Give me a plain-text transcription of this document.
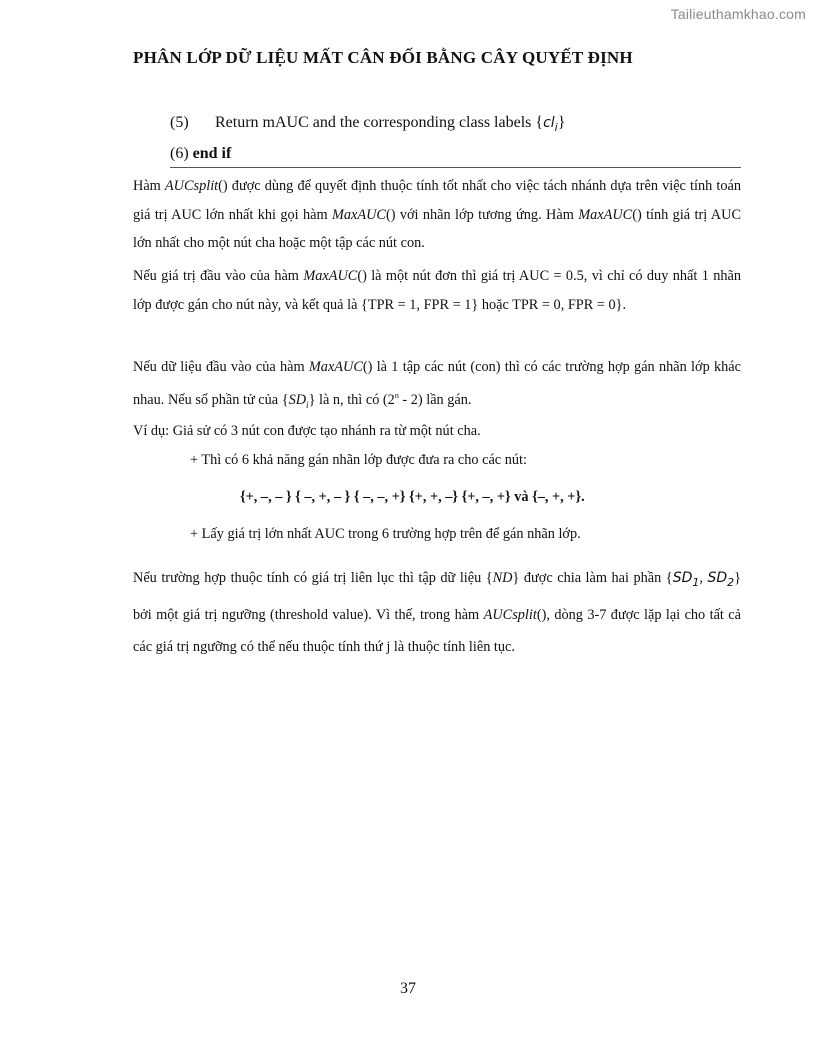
Tailieuthamkhao.com
PHÂN LỚP DỮ LIỆU MẤT CÂN ĐỐI BẰNG CÂY QUYẾT ĐỊNH
(5) Return mAUC and the corresponding class labels $\{cl_i\}$
(6) end if
Hàm AUCsplit() được dùng để quyết định thuộc tính tốt nhất cho việc tách nhánh dựa trên việc tính toán giá trị AUC lớn nhất khi gọi hàm MaxAUC() với nhãn lớp tương ứng. Hàm MaxAUC() tính giá trị AUC lớn nhất cho một nút cha hoặc một tập các nút con.
Nếu giá trị đầu vào của hàm MaxAUC() là một nút đơn thì giá trị AUC = 0.5, vì chỉ có duy nhất 1 nhãn lớp được gán cho nút này, và kết quả là {TPR = 1, FPR = 1} hoặc TPR = 0, FPR = 0}.
Nếu dữ liệu đầu vào của hàm MaxAUC() là 1 tập các nút (con) thì có các trường hợp gán nhãn lớp khác nhau. Nếu số phần tử của $\{SD_i\}$ là n, thì có (2$^n$ - 2) lần gán.
Ví dụ: Giả sử có 3 nút con được tạo nhánh ra từ một nút cha.
+ Thì có 6 khả năng gán nhãn lớp được đưa ra cho các nút:
{+, –, – } { –, +, – } { –, –, +} {+, +, –} {+, –, +} và {–, +, +}.
+ Lấy giá trị lớn nhất AUC trong 6 trường hợp trên để gán nhãn lớp.
Nếu trường hợp thuộc tính có giá trị liên lục thì tập dữ liệu {ND} được chia làm hai phần {$SD_1$, $SD_2$} bởi một giá trị ngưỡng (threshold value). Vì thế, trong hàm AUCsplit(), dòng 3-7 được lặp lại cho tất cả các giá trị ngưỡng có thể nếu thuộc tính thứ j là thuộc tính liên tục.
37
